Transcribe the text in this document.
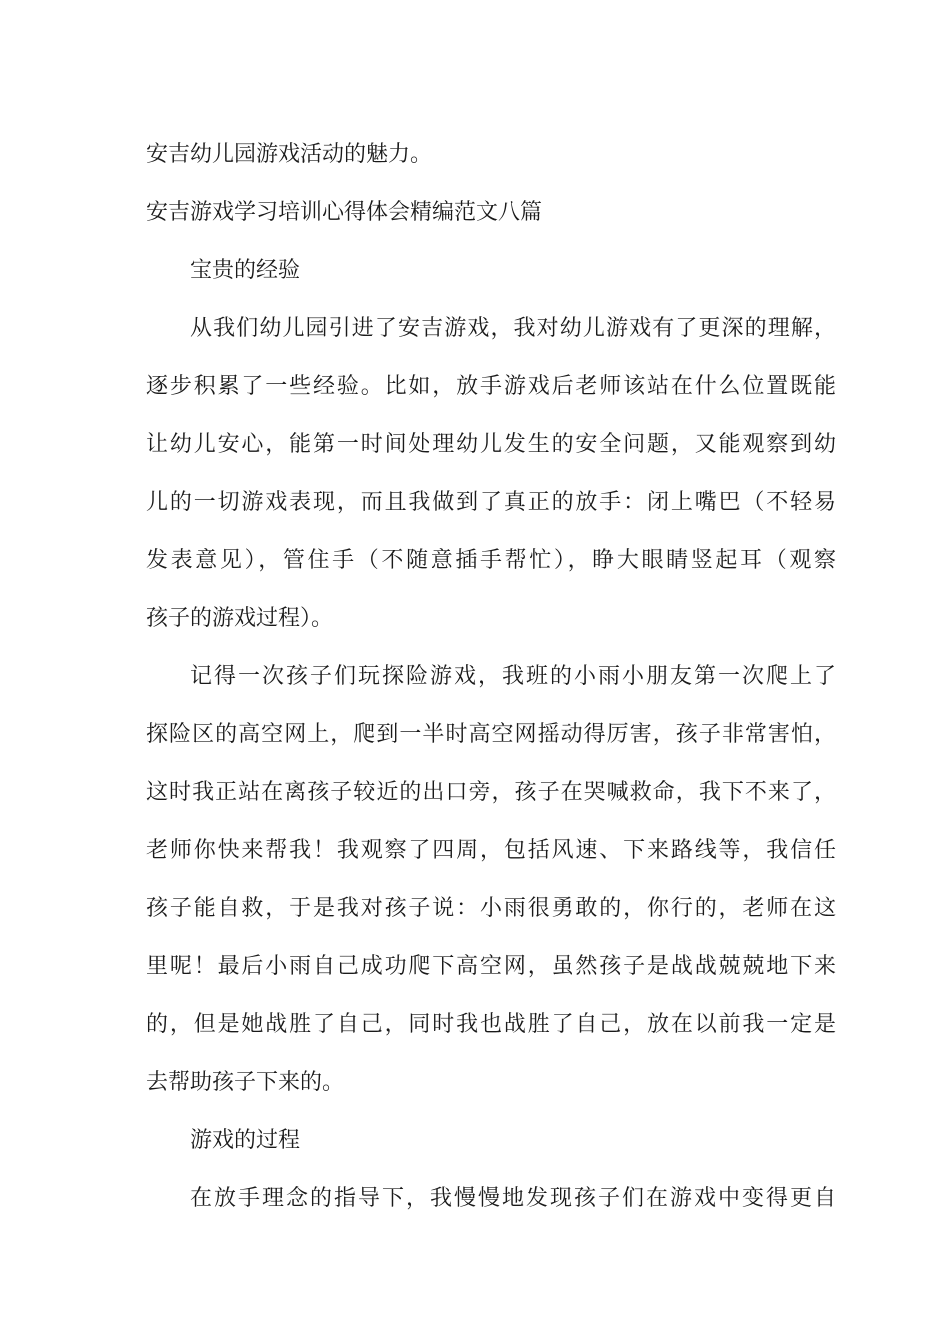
安吉幼儿园游戏活动的魅力。
安吉游戏学习培训心得体会精编范文八篇
宝贵的经验
从我们幼儿园引进了安吉游戏，我对幼儿游戏有了更深的理解，
逐步积累了一些经验。比如，放手游戏后老师该站在什么位置既能
让幼儿安心，能第一时间处理幼儿发生的安全问题，又能观察到幼
儿的一切游戏表现，而且我做到了真正的放手：闭上嘴巴（不轻易
发表意见），管住手（不随意插手帮忙），睁大眼睛竖起耳（观察
孩子的游戏过程）。
记得一次孩子们玩探险游戏，我班的小雨小朋友第一次爬上了
探险区的高空网上，爬到一半时高空网摇动得厉害，孩子非常害怕，
这时我正站在离孩子较近的出口旁，孩子在哭喊救命，我下不来了，
老师你快来帮我！我观察了四周，包括风速、下来路线等，我信任
孩子能自救，于是我对孩子说：小雨很勇敢的，你行的，老师在这
里呢！最后小雨自己成功爬下高空网，虽然孩子是战战兢兢地下来
的，但是她战胜了自己，同时我也战胜了自己，放在以前我一定是
去帮助孩子下来的。
游戏的过程
在放手理念的指导下，我慢慢地发现孩子们在游戏中变得更自
